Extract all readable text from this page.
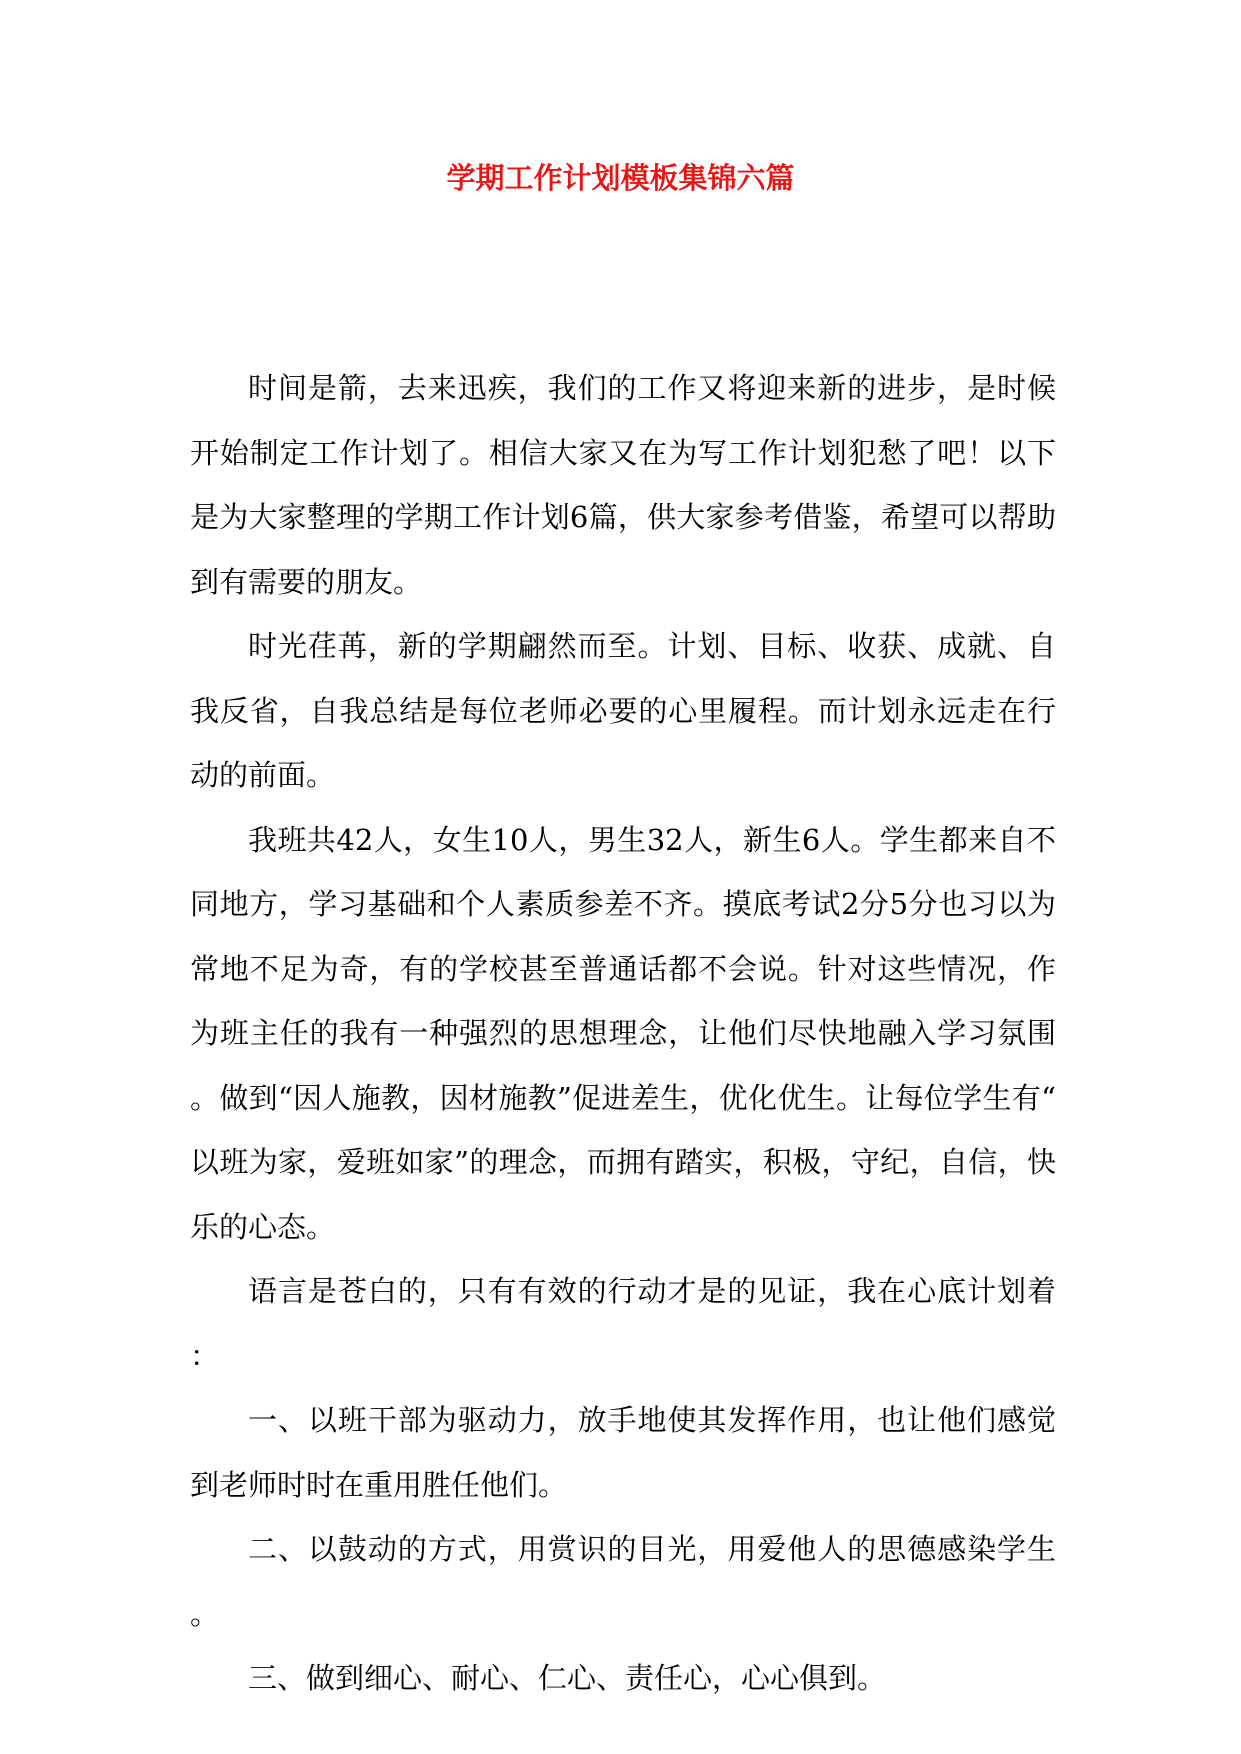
学期工作计划模板集锦六篇

时间是箭，去来迅疾，我们的工作又将迎来新的进步，是时候开始制定工作计划了。相信大家又在为写工作计划犯愁了吧！以下是为大家整理的学期工作计划6篇，供大家参考借鉴，希望可以帮助到有需要的朋友。

时光荏苒，新的学期翩然而至。计划、目标、收获、成就、自我反省，自我总结是每位老师必要的心里履程。而计划永远走在行动的前面。

我班共42人，女生10人，男生32人，新生6人。学生都来自不同地方，学习基础和个人素质参差不齐。摸底考试2分5分也习以为常地不足为奇，有的学校甚至普通话都不会说。针对这些情况，作为班主任的我有一种强烈的思想理念，让他们尽快地融入学习氛围。做到“因人施教，因材施教”促进差生，优化优生。让每位学生有“以班为家，爱班如家”的理念，而拥有踏实，积极，守纪，自信，快乐的心态。

语言是苍白的，只有有效的行动才是的见证，我在心底计划着：

一、以班干部为驱动力，放手地使其发挥作用，也让他们感觉到老师时时在重用胜任他们。

二、以鼓动的方式，用赏识的目光，用爱他人的思德感染学生。

三、做到细心、耐心、仁心、责任心，心心俱到。
